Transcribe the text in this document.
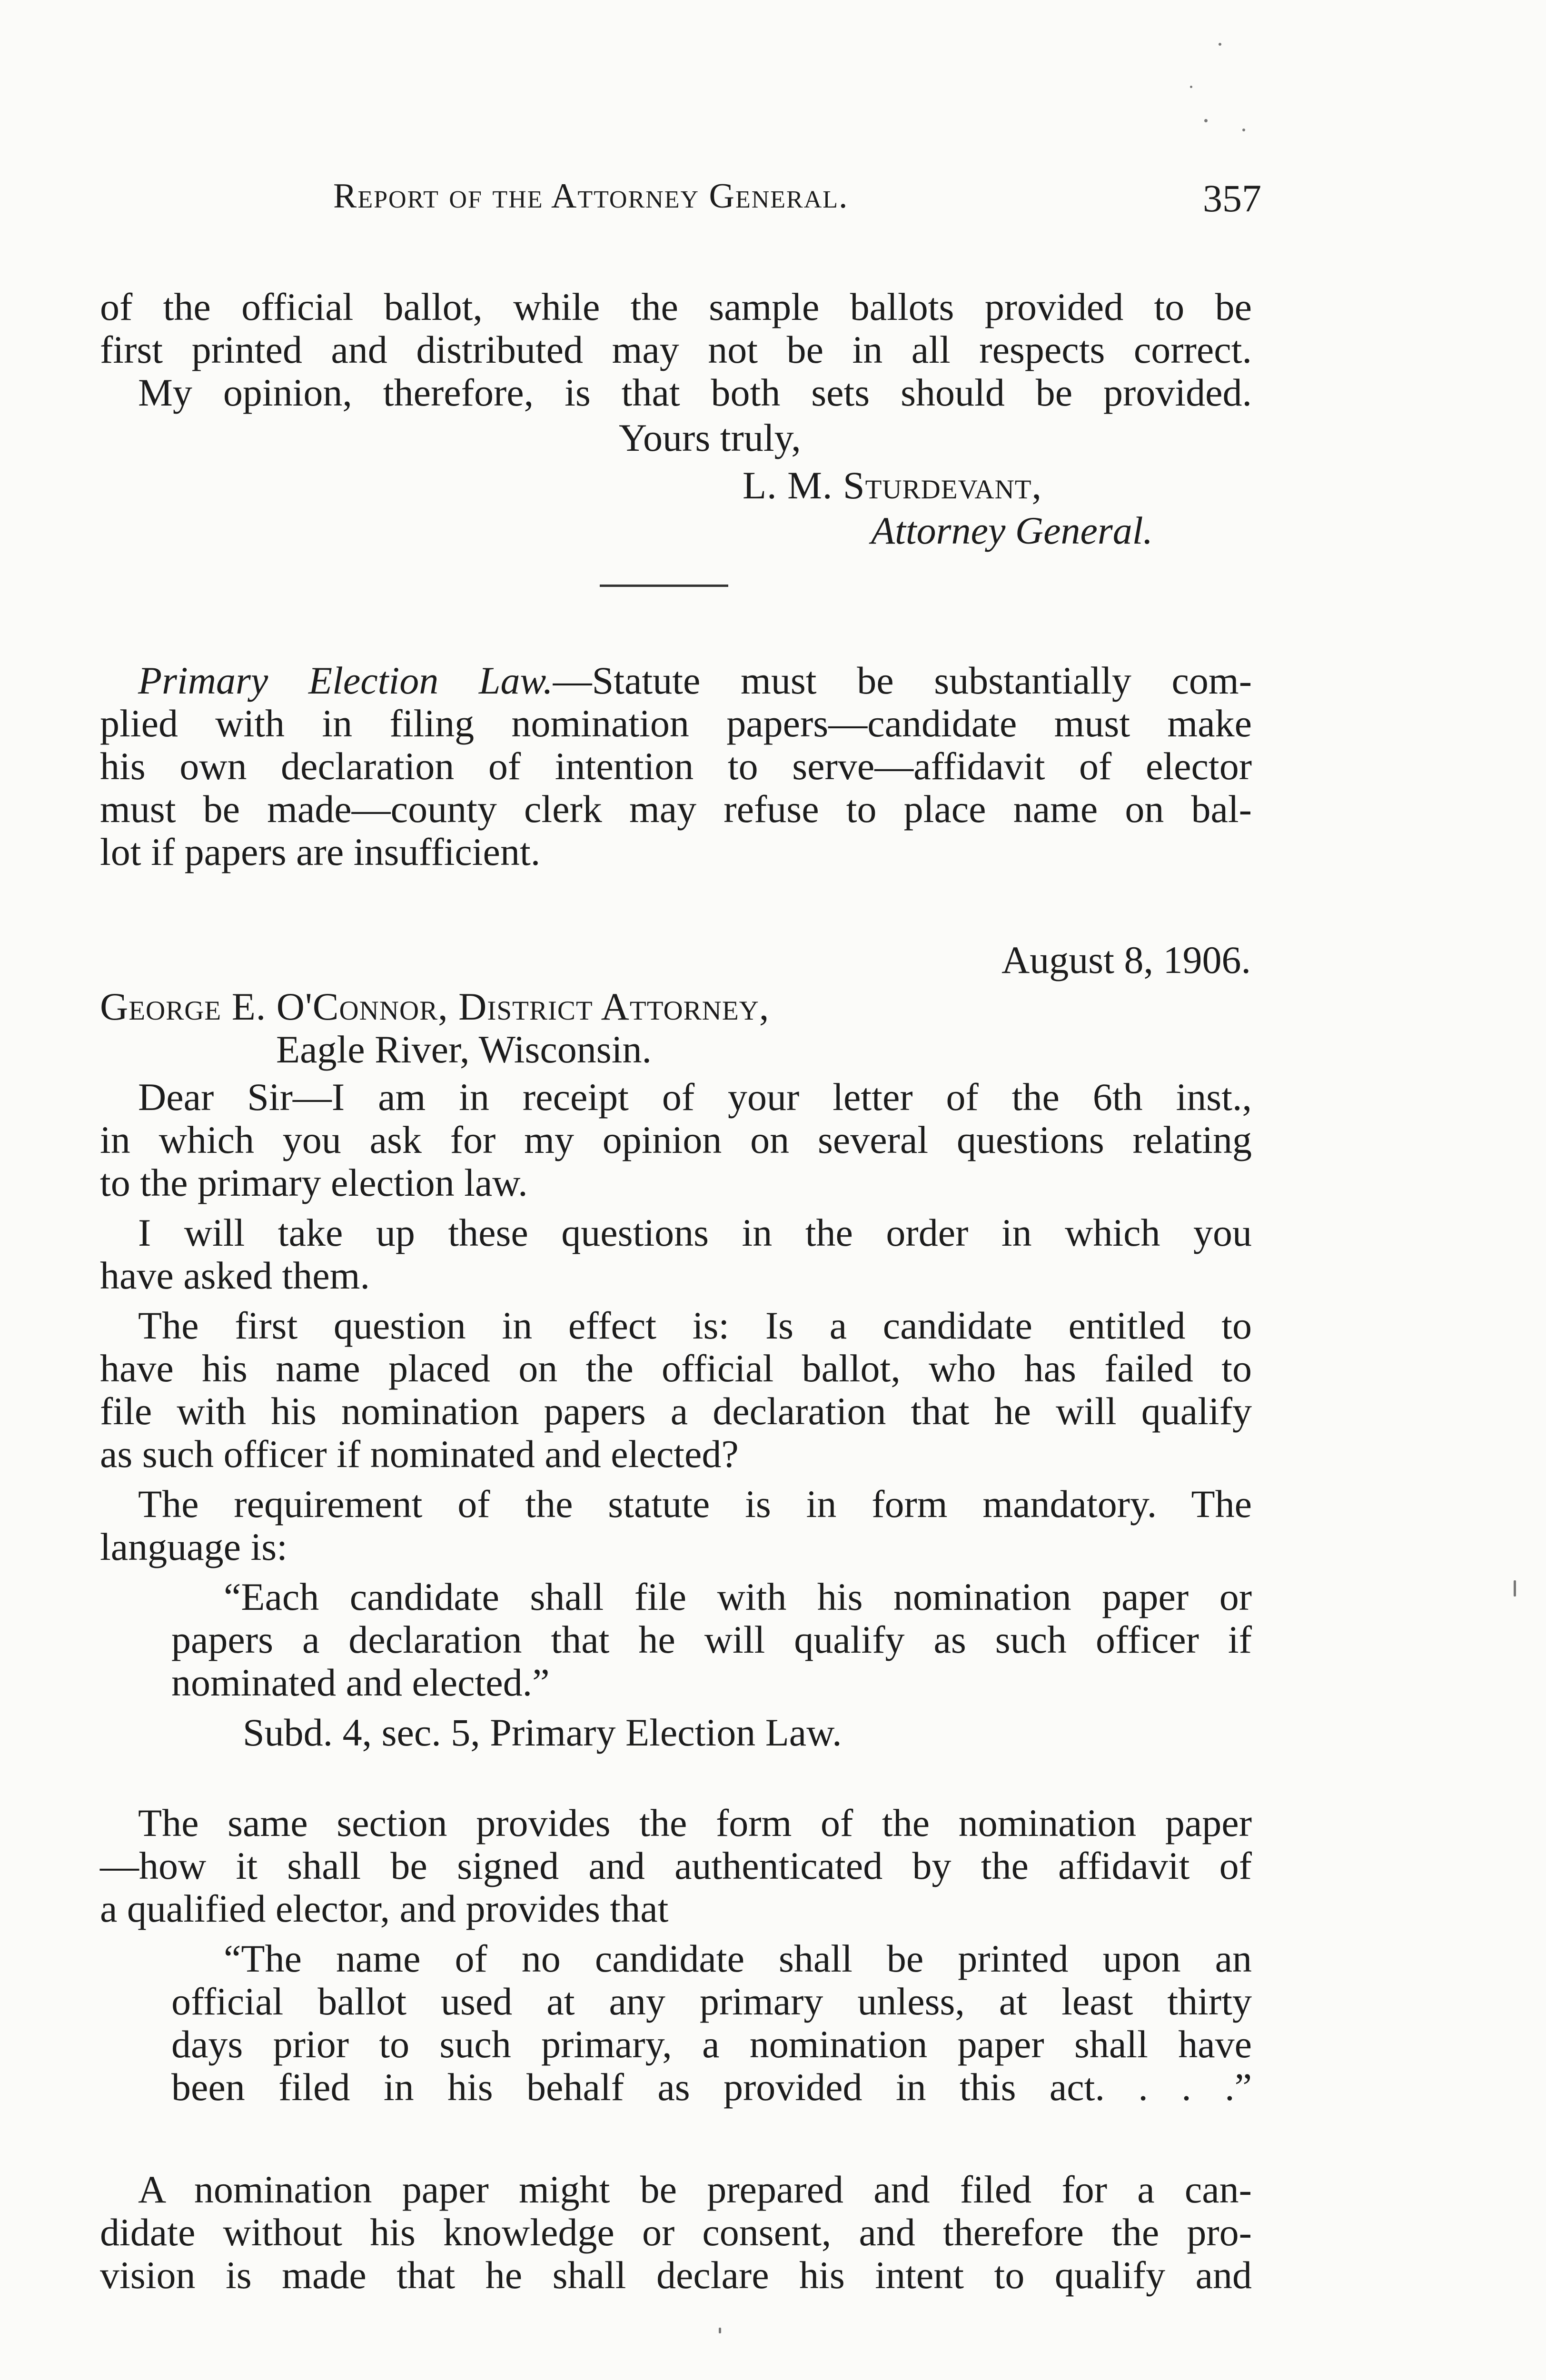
Report of the Attorney General.	357
of the official ballot, while the sample ballots provided to be
first printed and distributed may not be in all respects correct.
My opinion, therefore, is that both sets should be provided.
Yours truly,
L. M. Sturdevant,
Attorney General.
Primary Election Law.—Statute must be substantially com-
plied with in filing nomination papers—candidate must make
his own declaration of intention to serve—affidavit of elector
must be made—county clerk may refuse to place name on bal-
lot if papers are insufficient.
August 8, 1906.
George E. O'Connor, District Attorney,
Eagle River, Wisconsin.
Dear Sir—I am in receipt of your letter of the 6th inst.,
in which you ask for my opinion on several questions relating
to the primary election law.
I will take up these questions in the order in which you
have asked them.
The first question in effect is: Is a candidate entitled to
have his name placed on the official ballot, who has failed to
file with his nomination papers a declaration that he will qualify
as such officer if nominated and elected?
The requirement of the statute is in form mandatory. The
language is:
“Each candidate shall file with his nomination paper or
papers a declaration that he will qualify as such officer if
nominated and elected.”
Subd. 4, sec. 5, Primary Election Law.
The same section provides the form of the nomination paper
—how it shall be signed and authenticated by the affidavit of
a qualified elector, and provides that
“The name of no candidate shall be printed upon an
official ballot used at any primary unless, at least thirty
days prior to such primary, a nomination paper shall have
been filed in his behalf as provided in this act. . . .”
A nomination paper might be prepared and filed for a can-
didate without his knowledge or consent, and therefore the pro-
vision is made that he shall declare his intent to qualify and
